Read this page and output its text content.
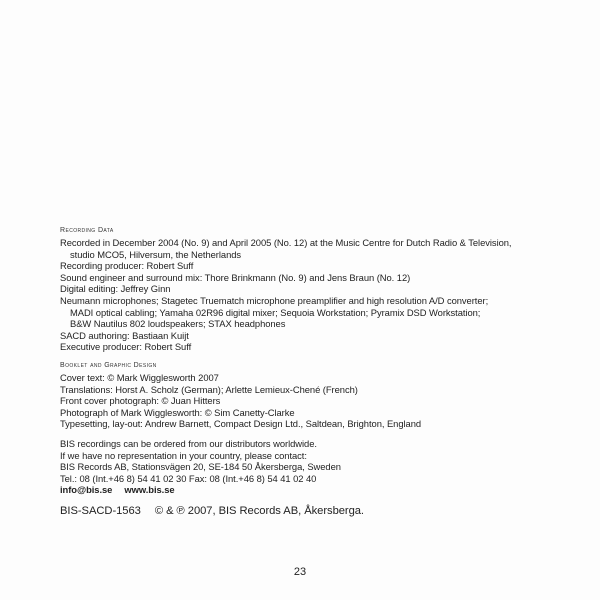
Recording Data
Recorded in December 2004 (No. 9) and April 2005 (No. 12) at the Music Centre for Dutch Radio & Television,
studio MCO5, Hilversum, the Netherlands
Recording producer: Robert Suff
Sound engineer and surround mix: Thore Brinkmann (No. 9) and Jens Braun (No. 12)
Digital editing: Jeffrey Ginn
Neumann microphones; Stagetec Truematch microphone preamplifier and high resolution A/D converter;
MADI optical cabling; Yamaha 02R96 digital mixer; Sequoia Workstation; Pyramix DSD Workstation;
B&W Nautilus 802 loudspeakers; STAX headphones
SACD authoring: Bastiaan Kuijt
Executive producer: Robert Suff
Booklet and Graphic Design
Cover text: © Mark Wigglesworth 2007
Translations: Horst A. Scholz (German); Arlette Lemieux-Chené (French)
Front cover photograph: © Juan Hitters
Photograph of Mark Wigglesworth: © Sim Canetty-Clarke
Typesetting, lay-out: Andrew Barnett, Compact Design Ltd., Saltdean, Brighton, England
BIS recordings can be ordered from our distributors worldwide.
If we have no representation in your country, please contact:
BIS Records AB, Stationsvägen 20, SE-184 50 Åkersberga, Sweden
Tel.: 08 (Int.+46 8) 54 41 02 30 Fax: 08 (Int.+46 8) 54 41 02 40
info@bis.se www.bis.se
BIS-SACD-1563 © & ℗ 2007, BIS Records AB, Åkersberga.
23
